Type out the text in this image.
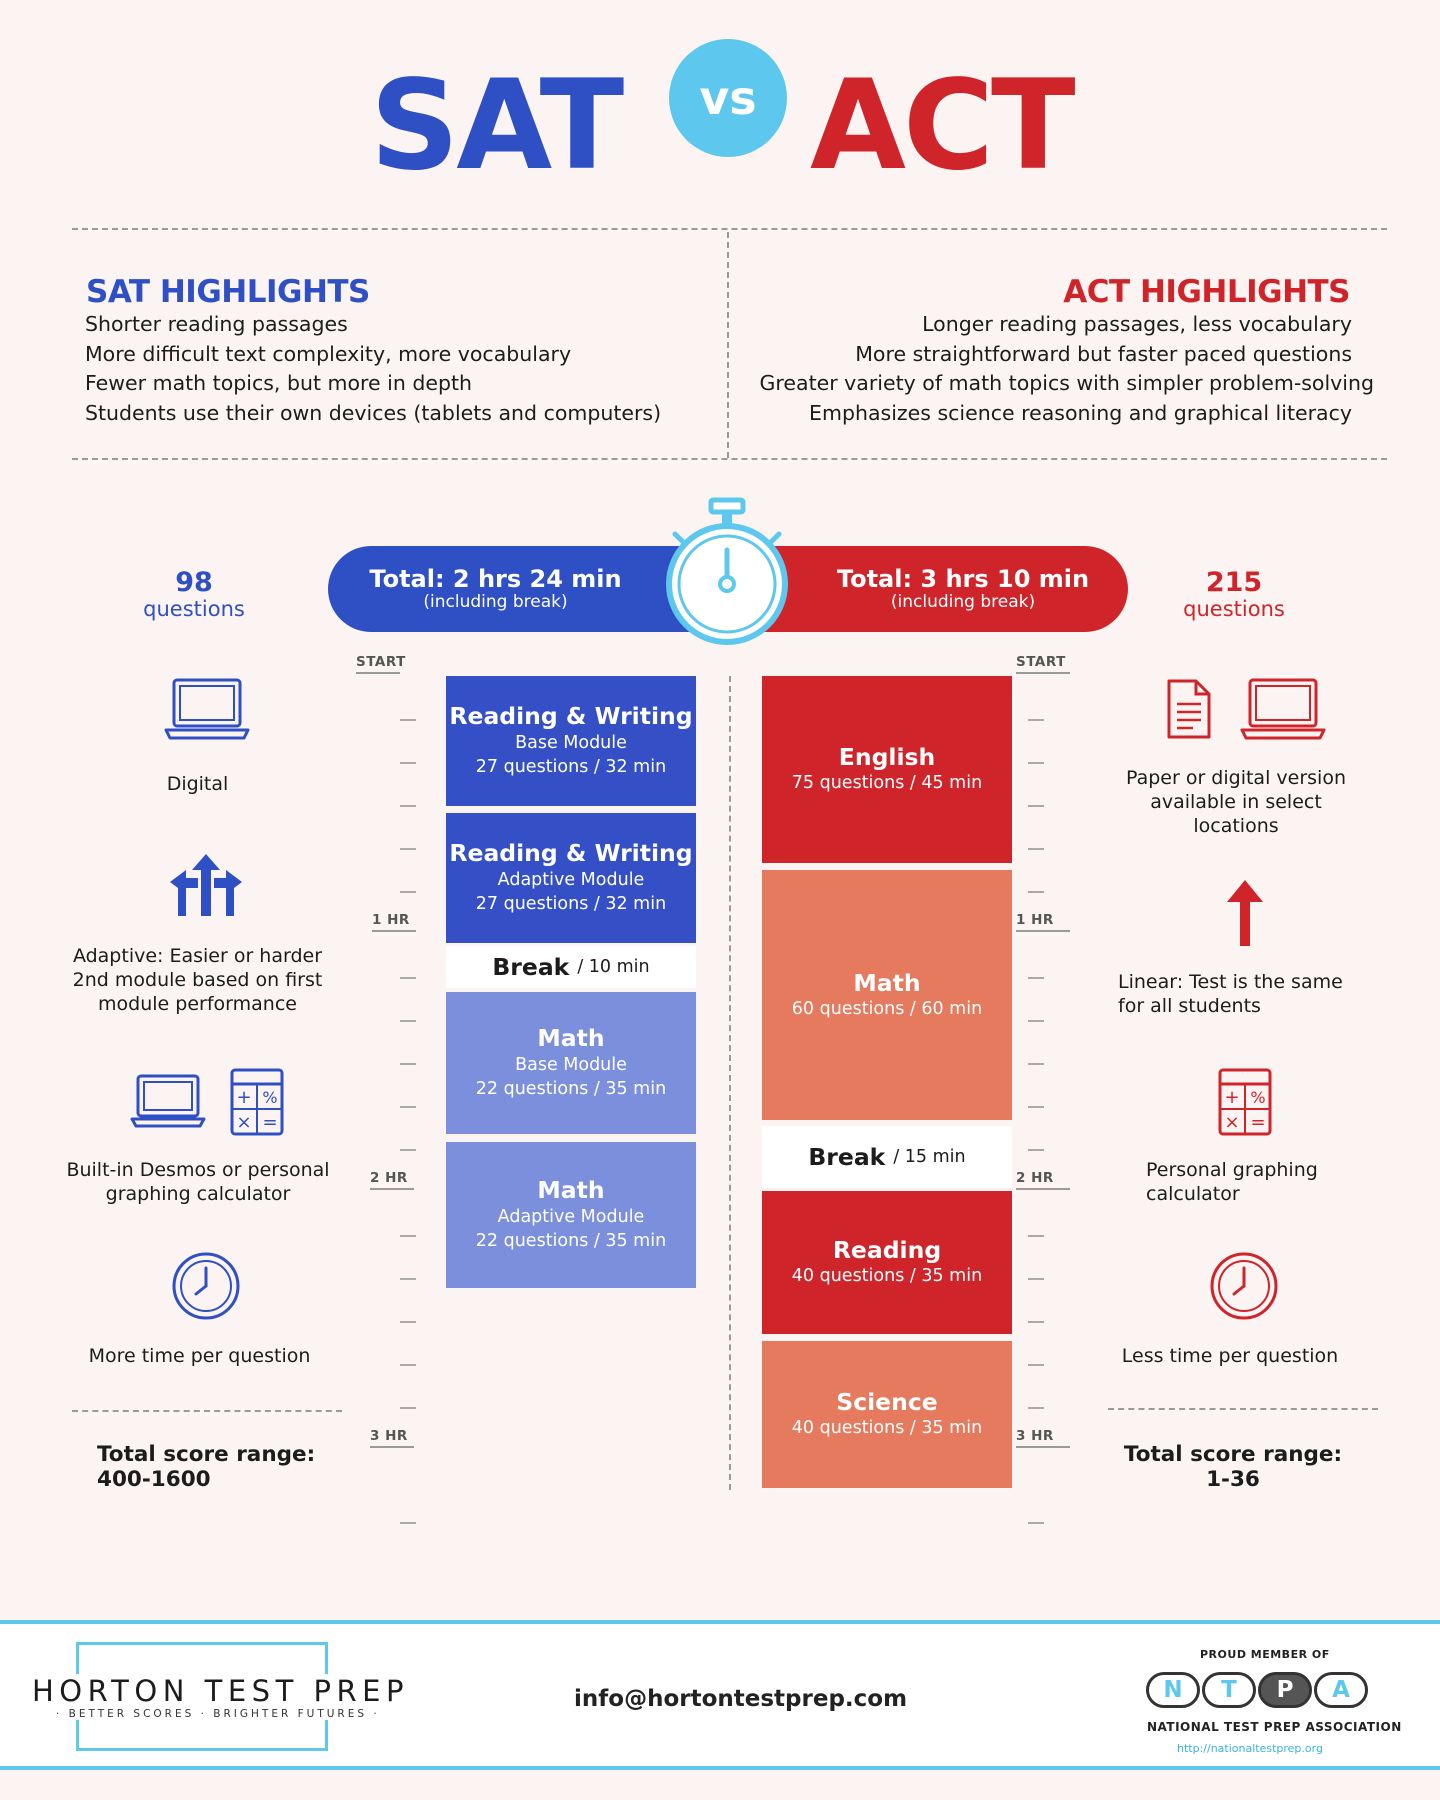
SAT	vs ACT
SAT HIGHLIGHTS
Shorter reading passages
More difficult text complexity, more vocabulary
Fewer math topics, but more in depth
Students use their own devices (tablets and computers)
ACT HIGHLIGHTS
Longer reading passages, less vocabulary
More straightforward but faster paced questions
Greater variety of math topics with simpler problem-solving
Emphasizes science reasoning and graphical literacy
Total: 2 hrs 24 min
(including break)
Total: 3 hrs 10 min
(including break)
98
questions
215
questions
START
1 HR
2 HR
3 HR
START
1 HR
2 HR
3 HR
Reading & Writing
Base Module
27 questions / 32 min
Reading & Writing
Adaptive Module
27 questions / 32 min
Break / 10 min
Math
Base Module
22 questions / 35 min
Math
Adaptive Module
22 questions / 35 min
English
75 questions / 45 min
Math
60 questions / 60 min
Break / 15 min
Reading
40 questions / 35 min
Science
40 questions / 35 min
Digital
Adaptive: Easier or harder
2nd module based on first
module performance
+ %
× =
Built-in Desmos or personal
graphing calculator
More time per question
Total score range:
400-1600
Paper or digital version
available in select
locations
Linear: Test is the same
for all students
+ %
× =
Personal graphing
calculator
Less time per question
Total score range:
1-36
HORTON TEST PREP
· BETTER SCORES · BRIGHTER FUTURES ·
info@hortontestprep.com
PROUD MEMBER OF
N	T	P	A
NATIONAL TEST PREP ASSOCIATION
http://nationaltestprep.org
